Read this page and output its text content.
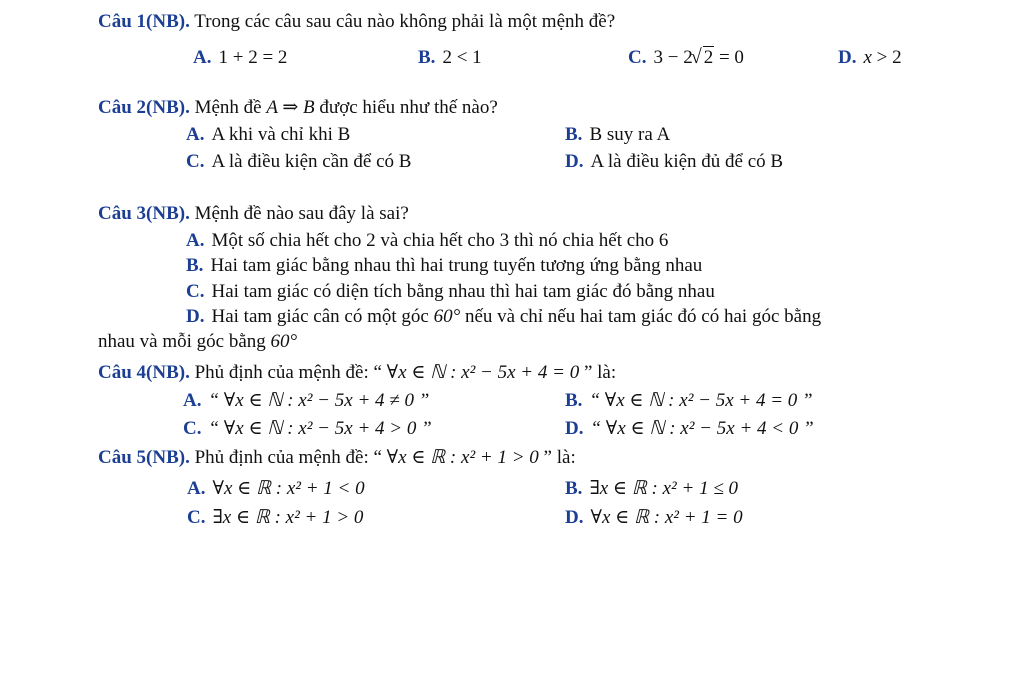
Câu 1(NB). Trong các câu sau câu nào không phải là một mệnh đề?
A. 1 + 2 = 2	B. 2 < 1	C. 3 − 2√ 2 = 0	D. x > 2
Câu 2(NB). Mệnh đề A ⇒ B được hiểu như thế nào?
A. A khi và chỉ khi B	B. B suy ra A
C. A là điều kiện cần để có B	D. A là điều kiện đủ để có B
Câu 3(NB). Mệnh đề nào sau đây là sai?
A. Một số chia hết cho 2 và chia hết cho 3 thì nó chia hết cho 6
B. Hai tam giác bằng nhau thì hai trung tuyến tương ứng bằng nhau
C. Hai tam giác có diện tích bằng nhau thì hai tam giác đó bằng nhau
D. Hai tam giác cân có một góc 60° nếu và chỉ nếu hai tam giác đó có hai góc bằng
nhau và mỗi góc bằng 60°
Câu 4(NB). Phủ định của mệnh đề: “ ∀x ∈ ℕ : x² − 5x + 4 = 0 ” là:
A. “ ∀x ∈ ℕ : x² − 5x + 4 ≠ 0 ”	B. “ ∀x ∈ ℕ : x² − 5x + 4 = 0 ”
C. “ ∀x ∈ ℕ : x² − 5x + 4 > 0 ”	D. “ ∀x ∈ ℕ : x² − 5x + 4 < 0 ”
Câu 5(NB). Phủ định của mệnh đề: “ ∀x ∈ ℝ : x² + 1 > 0 ” là:
A. ∀x ∈ ℝ : x² + 1 < 0	B. ∃x ∈ ℝ : x² + 1 ≤ 0
C. ∃x ∈ ℝ : x² + 1 > 0	D. ∀x ∈ ℝ : x² + 1 = 0
